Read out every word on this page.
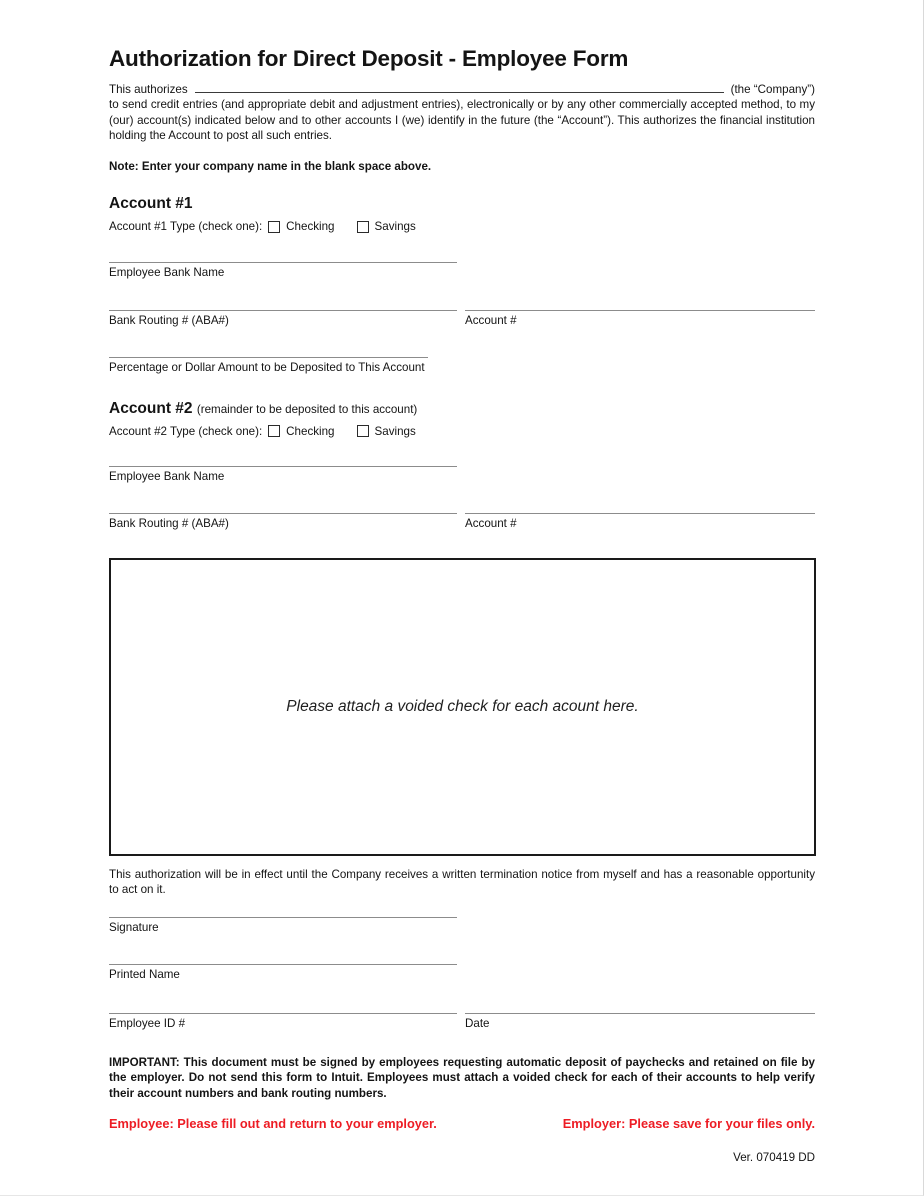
Authorization for Direct Deposit - Employee Form
This authorizes	(the “Company”)
to send credit entries (and appropriate debit and adjustment entries), electronically or by any other commercially accepted method, to my (our) account(s) indicated below and to other accounts I (we) identify in the future (the “Account”). This authorizes the financial institution holding the Account to post all such entries.
Note: Enter your company name in the blank space above.
Account #1
Account #1 Type (check one): Checking	Savings
Employee Bank Name
Bank Routing # (ABA#)	Account #
Percentage or Dollar Amount to be Deposited to This Account
Account #2 (remainder to be deposited to this account)
Account #2 Type (check one): Checking	Savings
Employee Bank Name
Bank Routing # (ABA#)	Account #
Please attach a voided check for each acount here.
This authorization will be in effect until the Company receives a written termination notice from myself and has a reasonable opportunity to act on it.
Signature
Printed Name
Employee ID #	Date
IMPORTANT: This document must be signed by employees requesting automatic deposit of paychecks and retained on file by the employer. Do not send this form to Intuit. Employees must attach a voided check for each of their accounts to help verify their account numbers and bank routing numbers.
Employee: Please fill out and return to your employer.	Employer: Please save for your files only.
Ver. 070419 DD
